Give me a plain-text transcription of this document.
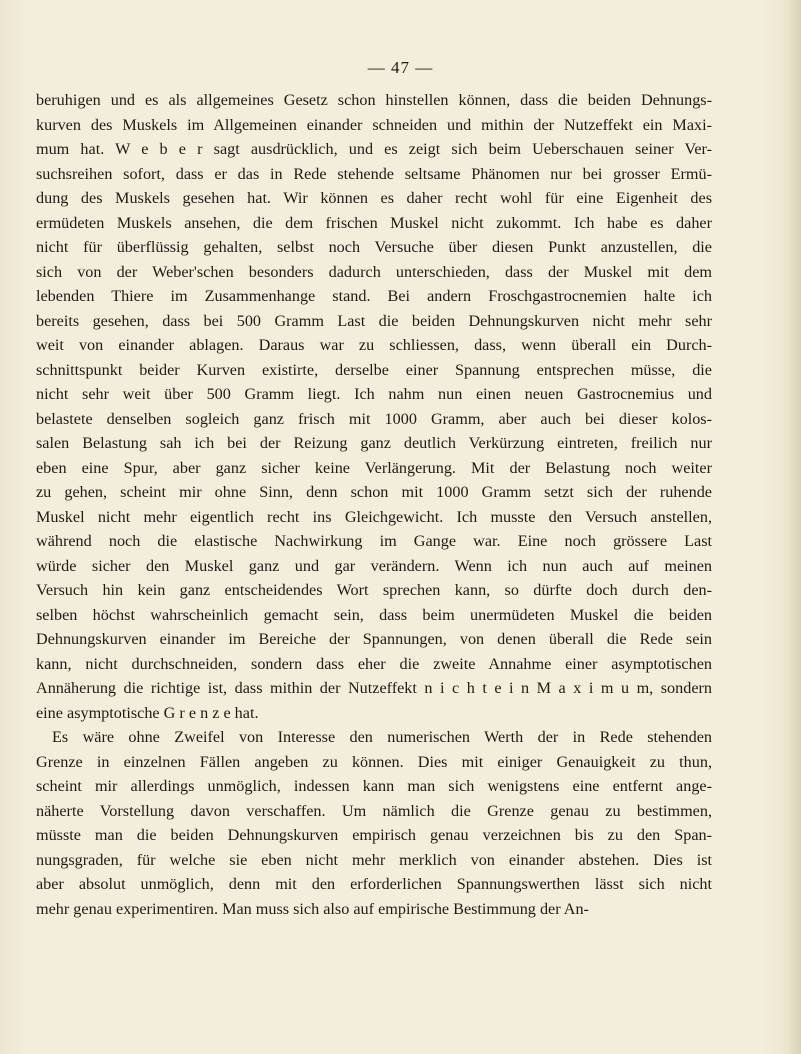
— 47 —
beruhigen und es als allgemeines Gesetz schon hinstellen können, dass die beiden Dehnungs-
kurven des Muskels im Allgemeinen einander schneiden und mithin der Nutzeffekt ein Maxi-
mum hat. W e b e r sagt ausdrücklich, und es zeigt sich beim Ueberschauen seiner Ver-
suchsreihen sofort, dass er das in Rede stehende seltsame Phänomen nur bei grosser Ermü-
dung des Muskels gesehen hat. Wir können es daher recht wohl für eine Eigenheit des
ermüdeten Muskels ansehen, die dem frischen Muskel nicht zukommt. Ich habe es daher
nicht für überflüssig gehalten, selbst noch Versuche über diesen Punkt anzustellen, die
sich von der Weber'schen besonders dadurch unterschieden, dass der Muskel mit dem
lebenden Thiere im Zusammenhange stand. Bei andern Froschgastrocnemien halte ich
bereits gesehen, dass bei 500 Gramm Last die beiden Dehnungskurven nicht mehr sehr
weit von einander ablagen. Daraus war zu schliessen, dass, wenn überall ein Durch-
schnittspunkt beider Kurven existirte, derselbe einer Spannung entsprechen müsse, die
nicht sehr weit über 500 Gramm liegt. Ich nahm nun einen neuen Gastrocnemius und
belastete denselben sogleich ganz frisch mit 1000 Gramm, aber auch bei dieser kolos-
salen Belastung sah ich bei der Reizung ganz deutlich Verkürzung eintreten, freilich nur
eben eine Spur, aber ganz sicher keine Verlängerung. Mit der Belastung noch weiter
zu gehen, scheint mir ohne Sinn, denn schon mit 1000 Gramm setzt sich der ruhende
Muskel nicht mehr eigentlich recht ins Gleichgewicht. Ich musste den Versuch anstellen,
während noch die elastische Nachwirkung im Gange war. Eine noch grössere Last
würde sicher den Muskel ganz und gar verändern. Wenn ich nun auch auf meinen
Versuch hin kein ganz entscheidendes Wort sprechen kann, so dürfte doch durch den-
selben höchst wahrscheinlich gemacht sein, dass beim unermüdeten Muskel die beiden
Dehnungskurven einander im Bereiche der Spannungen, von denen überall die Rede sein
kann, nicht durchschneiden, sondern dass eher die zweite Annahme einer asymptotischen
Annäherung die richtige ist, dass mithin der Nutzeffekt n i c h t e i n M a x i m u m, sondern
eine asymptotische G r e n z e hat.
Es wäre ohne Zweifel von Interesse den numerischen Werth der in Rede stehenden
Grenze in einzelnen Fällen angeben zu können. Dies mit einiger Genauigkeit zu thun,
scheint mir allerdings unmöglich, indessen kann man sich wenigstens eine entfernt ange-
näherte Vorstellung davon verschaffen. Um nämlich die Grenze genau zu bestimmen,
müsste man die beiden Dehnungskurven empirisch genau verzeichnen bis zu den Span-
nungsgraden, für welche sie eben nicht mehr merklich von einander abstehen. Dies ist
aber absolut unmöglich, denn mit den erforderlichen Spannungswerthen lässt sich nicht
mehr genau experimentiren. Man muss sich also auf empirische Bestimmung der An-
